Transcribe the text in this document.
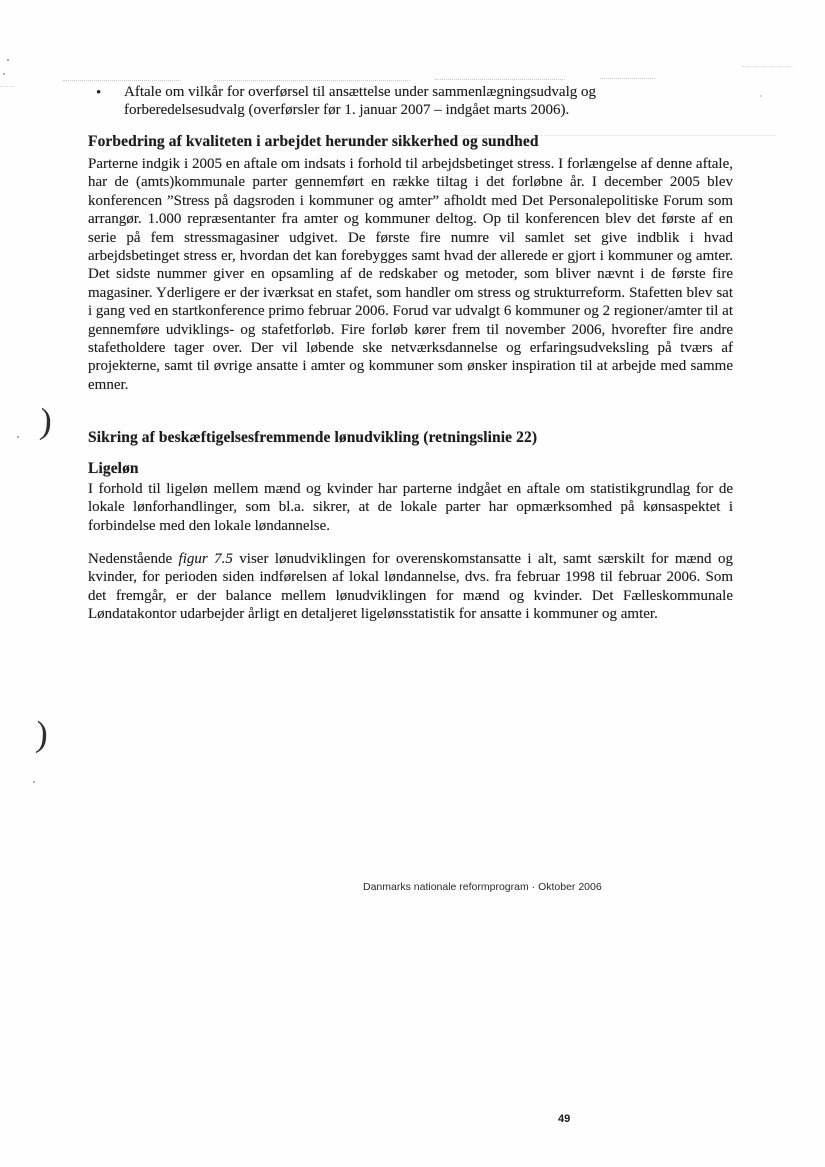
)
)
• Aftale om vilkår for overførsel til ansættelse under sammenlægningsudvalg og forberedelsesudvalg (overførsler før 1. januar 2007 – indgået marts 2006).
Forbedring af kvaliteten i arbejdet herunder sikkerhed og sundhed
Parterne indgik i 2005 en aftale om indsats i forhold til arbejdsbetinget stress. I forlængelse af denne aftale, har de (amts)kommunale parter gennemført en række tiltag i det forløbne år. I december 2005 blev konferencen ”Stress på dagsroden i kommuner og amter” afholdt med Det Personalepolitiske Forum som arrangør. 1.000 repræsentanter fra amter og kommuner deltog. Op til konferencen blev det første af en serie på fem stressmagasiner udgivet. De første fire numre vil samlet set give indblik i hvad arbejdsbetinget stress er, hvordan det kan forebygges samt hvad der allerede er gjort i kommuner og amter. Det sidste nummer giver en opsamling af de redskaber og metoder, som bliver nævnt i de første fire magasiner. Yderligere er der iværksat en stafet, som handler om stress og strukturreform. Stafetten blev sat i gang ved en startkonference primo februar 2006. Forud var udvalgt 6 kommuner og 2 regioner/amter til at gennemføre udviklings- og stafetforløb. Fire forløb kører frem til november 2006, hvorefter fire andre stafetholdere tager over. Der vil løbende ske netværksdannelse og erfaringsudveksling på tværs af projekterne, samt til øvrige ansatte i amter og kommuner som ønsker inspiration til at arbejde med samme emner.
Sikring af beskæftigelsesfremmende lønudvikling (retningslinie 22)
Ligeløn
I forhold til ligeløn mellem mænd og kvinder har parterne indgået en aftale om statistikgrundlag for de lokale lønforhandlinger, som bl.a. sikrer, at de lokale parter har opmærksomhed på kønsaspektet i forbindelse med den lokale løndannelse.
Nedenstående figur 7.5 viser lønudviklingen for overenskomstansatte i alt, samt særskilt for mænd og kvinder, for perioden siden indførelsen af lokal løndannelse, dvs. fra februar 1998 til februar 2006. Som det fremgår, er der balance mellem lønudviklingen for mænd og kvinder. Det Fælleskommunale Løndatakontor udarbejder årligt en detaljeret ligelønsstatistik for ansatte i kommuner og amter.
Danmarks nationale reformprogram · Oktober 2006
49
